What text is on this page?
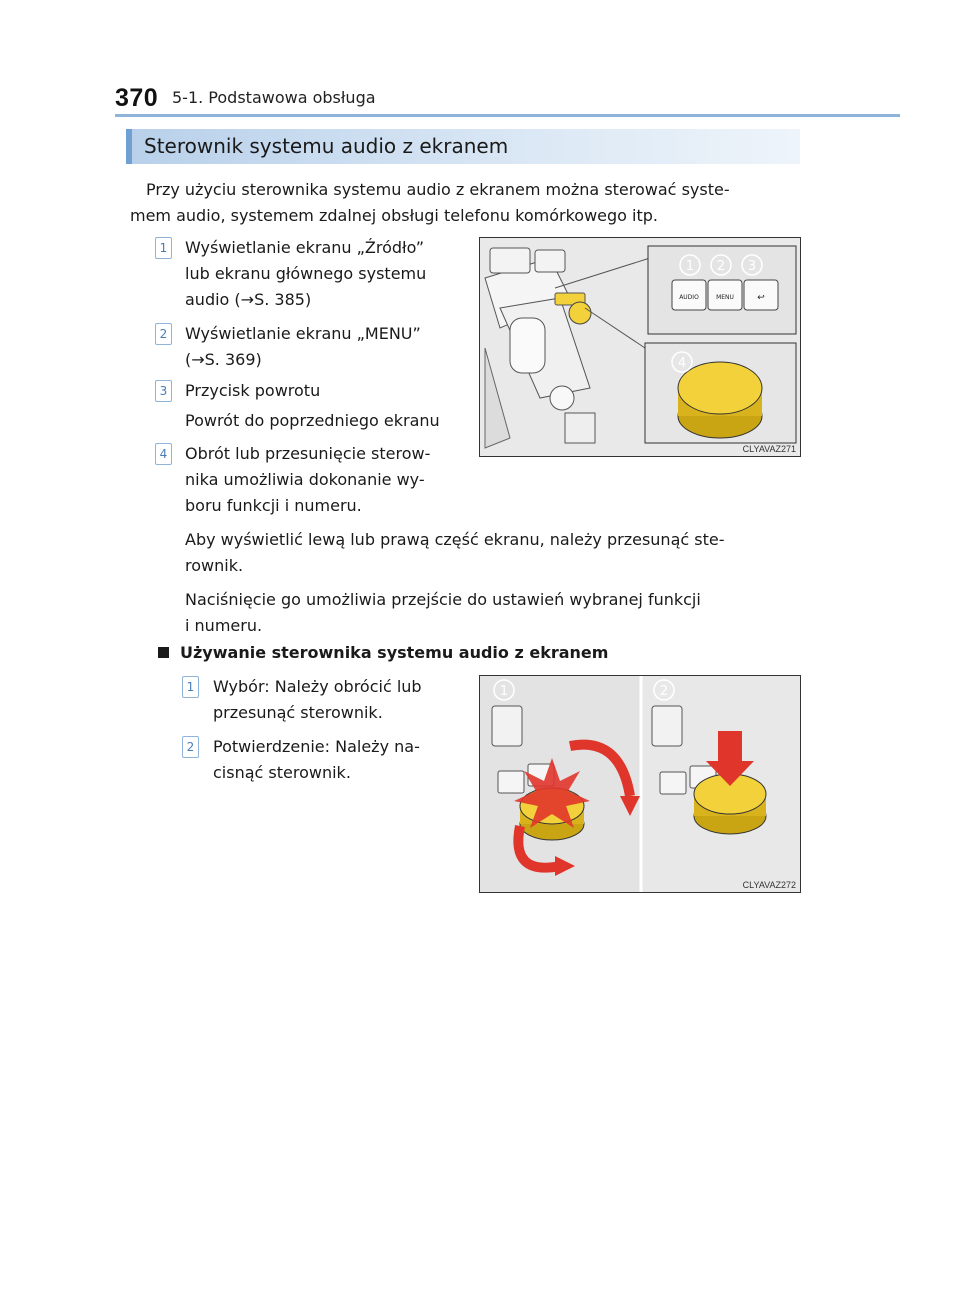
370 5-1. Podstawowa obsługa
Sterownik systemu audio z ekranem
Przy użyciu sterownika systemu audio z ekranem można sterować syste-
mem audio, systemem zdalnej obsługi telefonu komórkowego itp.
1 Wyświetlanie ekranu „Źródło”
lub ekranu głównego systemu
audio (→S. 385)
2 Wyświetlanie ekranu „MENU”
(→S. 369)
3 Przycisk powrotu
Powrót do poprzedniego ekranu
4 Obrót lub przesunięcie sterow-
nika umożliwia dokonanie wy-
boru funkcji i numeru.
Aby wyświetlić lewą lub prawą część ekranu, należy przesunąć ste-
rownik.
Naciśnięcie go umożliwia przejście do ustawień wybranej funkcji
i numeru.
AUDIO	MENU	↩
1 2 3
4
CLYAVAZ271
Używanie sterownika systemu audio z ekranem
1 Wybór: Należy obrócić lub
przesunąć sterownik.
2 Potwierdzenie: Należy na-
cisnąć sterownik.
1	2
CLYAVAZ272
